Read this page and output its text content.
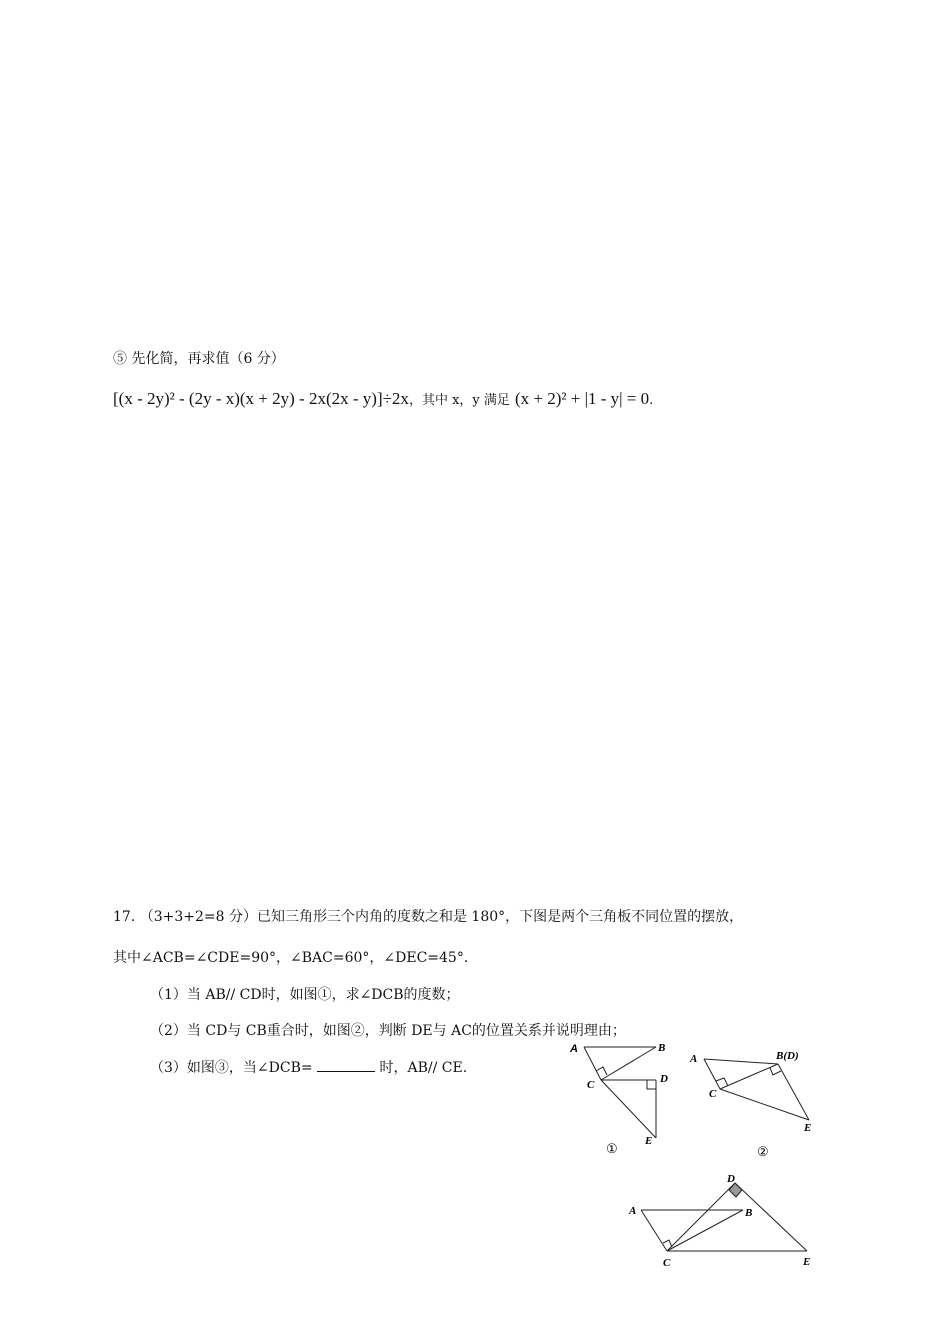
⑤ 先化简，再求值（6 分）
[(x - 2y)² - (2y - x)(x + 2y) - 2x(2x - y)]÷2x，其中 x，y 满足 (x + 2)² + |1 - y| = 0.
17. （3+3+2=8 分）已知三角形三个内角的度数之和是 180°，下图是两个三角板不同位置的摆放，
其中∠ACB=∠CDE=90°，∠BAC=60°，∠DEC=45°．
（1）当 AB// CD时，如图①，求∠DCB的度数；
（2）当 CD与 CB重合时，如图②，判断 DE与 AC的位置关系并说明理由；
（3）如图③，当∠DCB=	时，AB// CE.
A	B
C	D
E
①
A	B(D)
C
E
②
A	B
C
D
E
